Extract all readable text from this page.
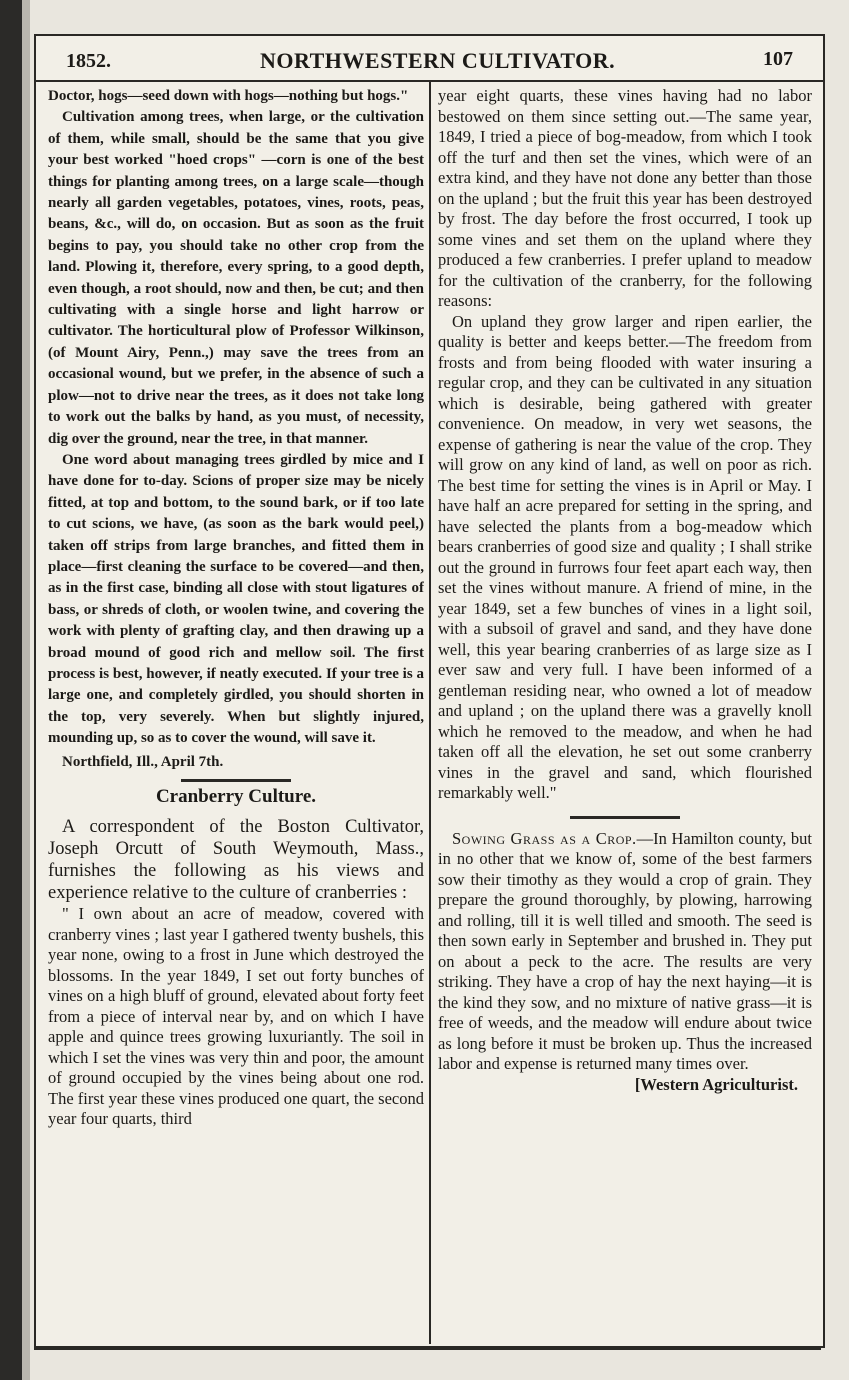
1852.	NORTHWESTERN CULTIVATOR.	107

Doctor, hogs—seed down with hogs—nothing but hogs."

Cultivation among trees, when large, or the cultivation of them, while small, should be the same that you give your best worked "hoed crops" —corn is one of the best things for planting among trees, on a large scale—though nearly all garden vegetables, potatoes, vines, roots, peas, beans, &c., will do, on occasion. But as soon as the fruit begins to pay, you should take no other crop from the land. Plowing it, therefore, every spring, to a good depth, even though, a root should, now and then, be cut; and then cultivating with a single horse and light harrow or cultivator. The horticultural plow of Professor Wilkinson, (of Mount Airy, Penn.,) may save the trees from an occasional wound, but we prefer, in the absence of such a plow—not to drive near the trees, as it does not take long to work out the balks by hand, as you must, of necessity, dig over the ground, near the tree, in that manner.

One word about managing trees girdled by mice and I have done for to-day. Scions of proper size may be nicely fitted, at top and bottom, to the sound bark, or if too late to cut scions, we have, (as soon as the bark would peel,) taken off strips from large branches, and fitted them in place—first cleaning the surface to be covered—and then, as in the first case, binding all close with stout ligatures of bass, or shreds of cloth, or woolen twine, and covering the work with plenty of grafting clay, and then drawing up a broad mound of good rich and mellow soil. The first process is best, however, if neatly executed. If your tree is a large one, and completely girdled, you should shorten in the top, very severely. When but slightly injured, mounding up, so as to cover the wound, will save it.

Northfield, Ill., April 7th.

Cranberry Culture.

A correspondent of the Boston Cultivator, Joseph Orcutt of South Weymouth, Mass., furnishes the following as his views and experience relative to the culture of cranberries :

" I own about an acre of meadow, covered with cranberry vines ; last year I gathered twenty bushels, this year none, owing to a frost in June which destroyed the blossoms. In the year 1849, I set out forty bunches of vines on a high bluff of ground, elevated about forty feet from a piece of interval near by, and on which I have apple and quince trees growing luxuriantly. The soil in which I set the vines was very thin and poor, the amount of ground occupied by the vines being about one rod. The first year these vines produced one quart, the second year four quarts, third

year eight quarts, these vines having had no labor bestowed on them since setting out.—The same year, 1849, I tried a piece of bog-meadow, from which I took off the turf and then set the vines, which were of an extra kind, and they have not done any better than those on the upland ; but the fruit this year has been destroyed by frost. The day before the frost occurred, I took up some vines and set them on the upland where they produced a few cranberries. I prefer upland to meadow for the cultivation of the cranberry, for the following reasons:

On upland they grow larger and ripen earlier, the quality is better and keeps better.—The freedom from frosts and from being flooded with water insuring a regular crop, and they can be cultivated in any situation which is desirable, being gathered with greater convenience. On meadow, in very wet seasons, the expense of gathering is near the value of the crop. They will grow on any kind of land, as well on poor as rich. The best time for setting the vines is in April or May. I have half an acre prepared for setting in the spring, and have selected the plants from a bog-meadow which bears cranberries of good size and quality ; I shall strike out the ground in furrows four feet apart each way, then set the vines without manure. A friend of mine, in the year 1849, set a few bunches of vines in a light soil, with a subsoil of gravel and sand, and they have done well, this year bearing cranberries of as large size as I ever saw and very full. I have been informed of a gentleman residing near, who owned a lot of meadow and upland ; on the upland there was a gravelly knoll which he removed to the meadow, and when he had taken off all the elevation, he set out some cranberry vines in the gravel and sand, which flourished remarkably well."

Sowing Grass as a Crop.—In Hamilton county, but in no other that we know of, some of the best farmers sow their timothy as they would a crop of grain. They prepare the ground thoroughly, by plowing, harrowing and rolling, till it is well tilled and smooth. The seed is then sown early in September and brushed in. They put on about a peck to the acre. The results are very striking. They have a crop of hay the next haying—it is the kind they sow, and no mixture of native grass—it is free of weeds, and the meadow will endure about twice as long before it must be broken up. Thus the increased labor and expense is returned many times over.

[Western Agriculturist.
